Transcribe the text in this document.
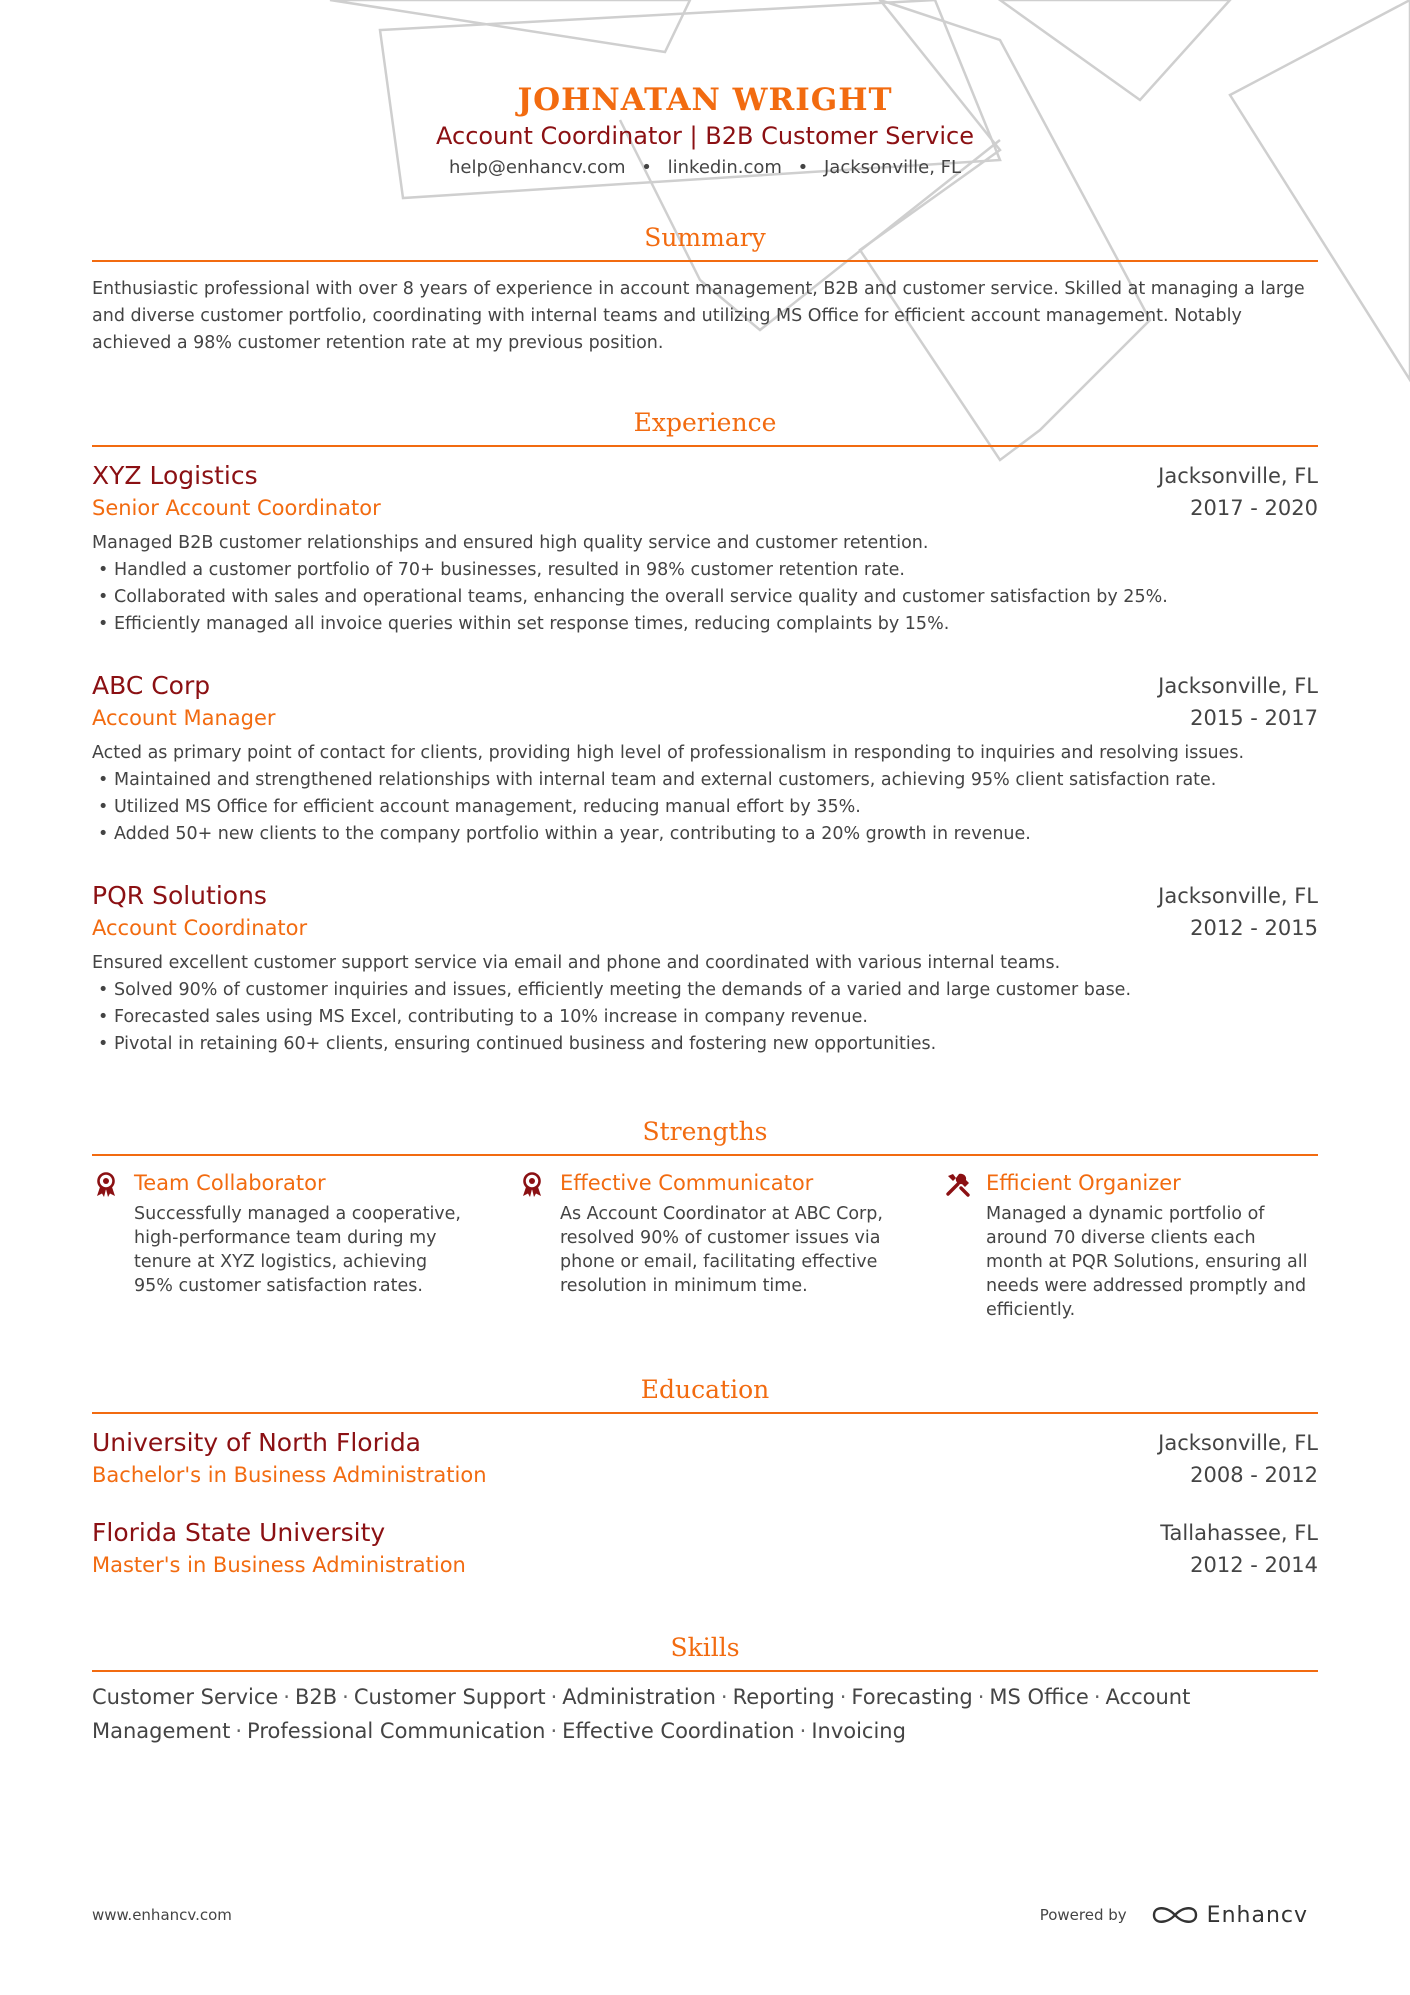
JOHNATAN WRIGHT
Account Coordinator | B2B Customer Service
help@enhancv.com • linkedin.com • Jacksonville, FL
Summary
Enthusiastic professional with over 8 years of experience in account management, B2B and customer service. Skilled at managing a large and diverse customer portfolio, coordinating with internal teams and utilizing MS Office for efficient account management. Notably achieved a 98% customer retention rate at my previous position.
Experience
XYZ Logistics	Jacksonville, FL
Senior Account Coordinator	2017 - 2020
Managed B2B customer relationships and ensured high quality service and customer retention.
• Handled a customer portfolio of 70+ businesses, resulted in 98% customer retention rate.
• Collaborated with sales and operational teams, enhancing the overall service quality and customer satisfaction by 25%.
• Efficiently managed all invoice queries within set response times, reducing complaints by 15%.
ABC Corp	Jacksonville, FL
Account Manager	2015 - 2017
Acted as primary point of contact for clients, providing high level of professionalism in responding to inquiries and resolving issues.
• Maintained and strengthened relationships with internal team and external customers, achieving 95% client satisfaction rate.
• Utilized MS Office for efficient account management, reducing manual effort by 35%.
• Added 50+ new clients to the company portfolio within a year, contributing to a 20% growth in revenue.
PQR Solutions	Jacksonville, FL
Account Coordinator	2012 - 2015
Ensured excellent customer support service via email and phone and coordinated with various internal teams.
• Solved 90% of customer inquiries and issues, efficiently meeting the demands of a varied and large customer base.
• Forecasted sales using MS Excel, contributing to a 10% increase in company revenue.
• Pivotal in retaining 60+ clients, ensuring continued business and fostering new opportunities.
Strengths
Team Collaborator
Successfully managed a cooperative, high-performance team during my tenure at XYZ logistics, achieving 95% customer satisfaction rates.
Effective Communicator
As Account Coordinator at ABC Corp, resolved 90% of customer issues via phone or email, facilitating effective resolution in minimum time.
Efficient Organizer
Managed a dynamic portfolio of around 70 diverse clients each month at PQR Solutions, ensuring all needs were addressed promptly and efficiently.
Education
University of North Florida	Jacksonville, FL
Bachelor's in Business Administration	2008 - 2012
Florida State University	Tallahassee, FL
Master's in Business Administration	2012 - 2014
Skills
Customer Service · B2B · Customer Support · Administration · Reporting · Forecasting · MS Office · Account Management · Professional Communication · Effective Coordination · Invoicing
www.enhancv.com	Powered by	Enhancv
